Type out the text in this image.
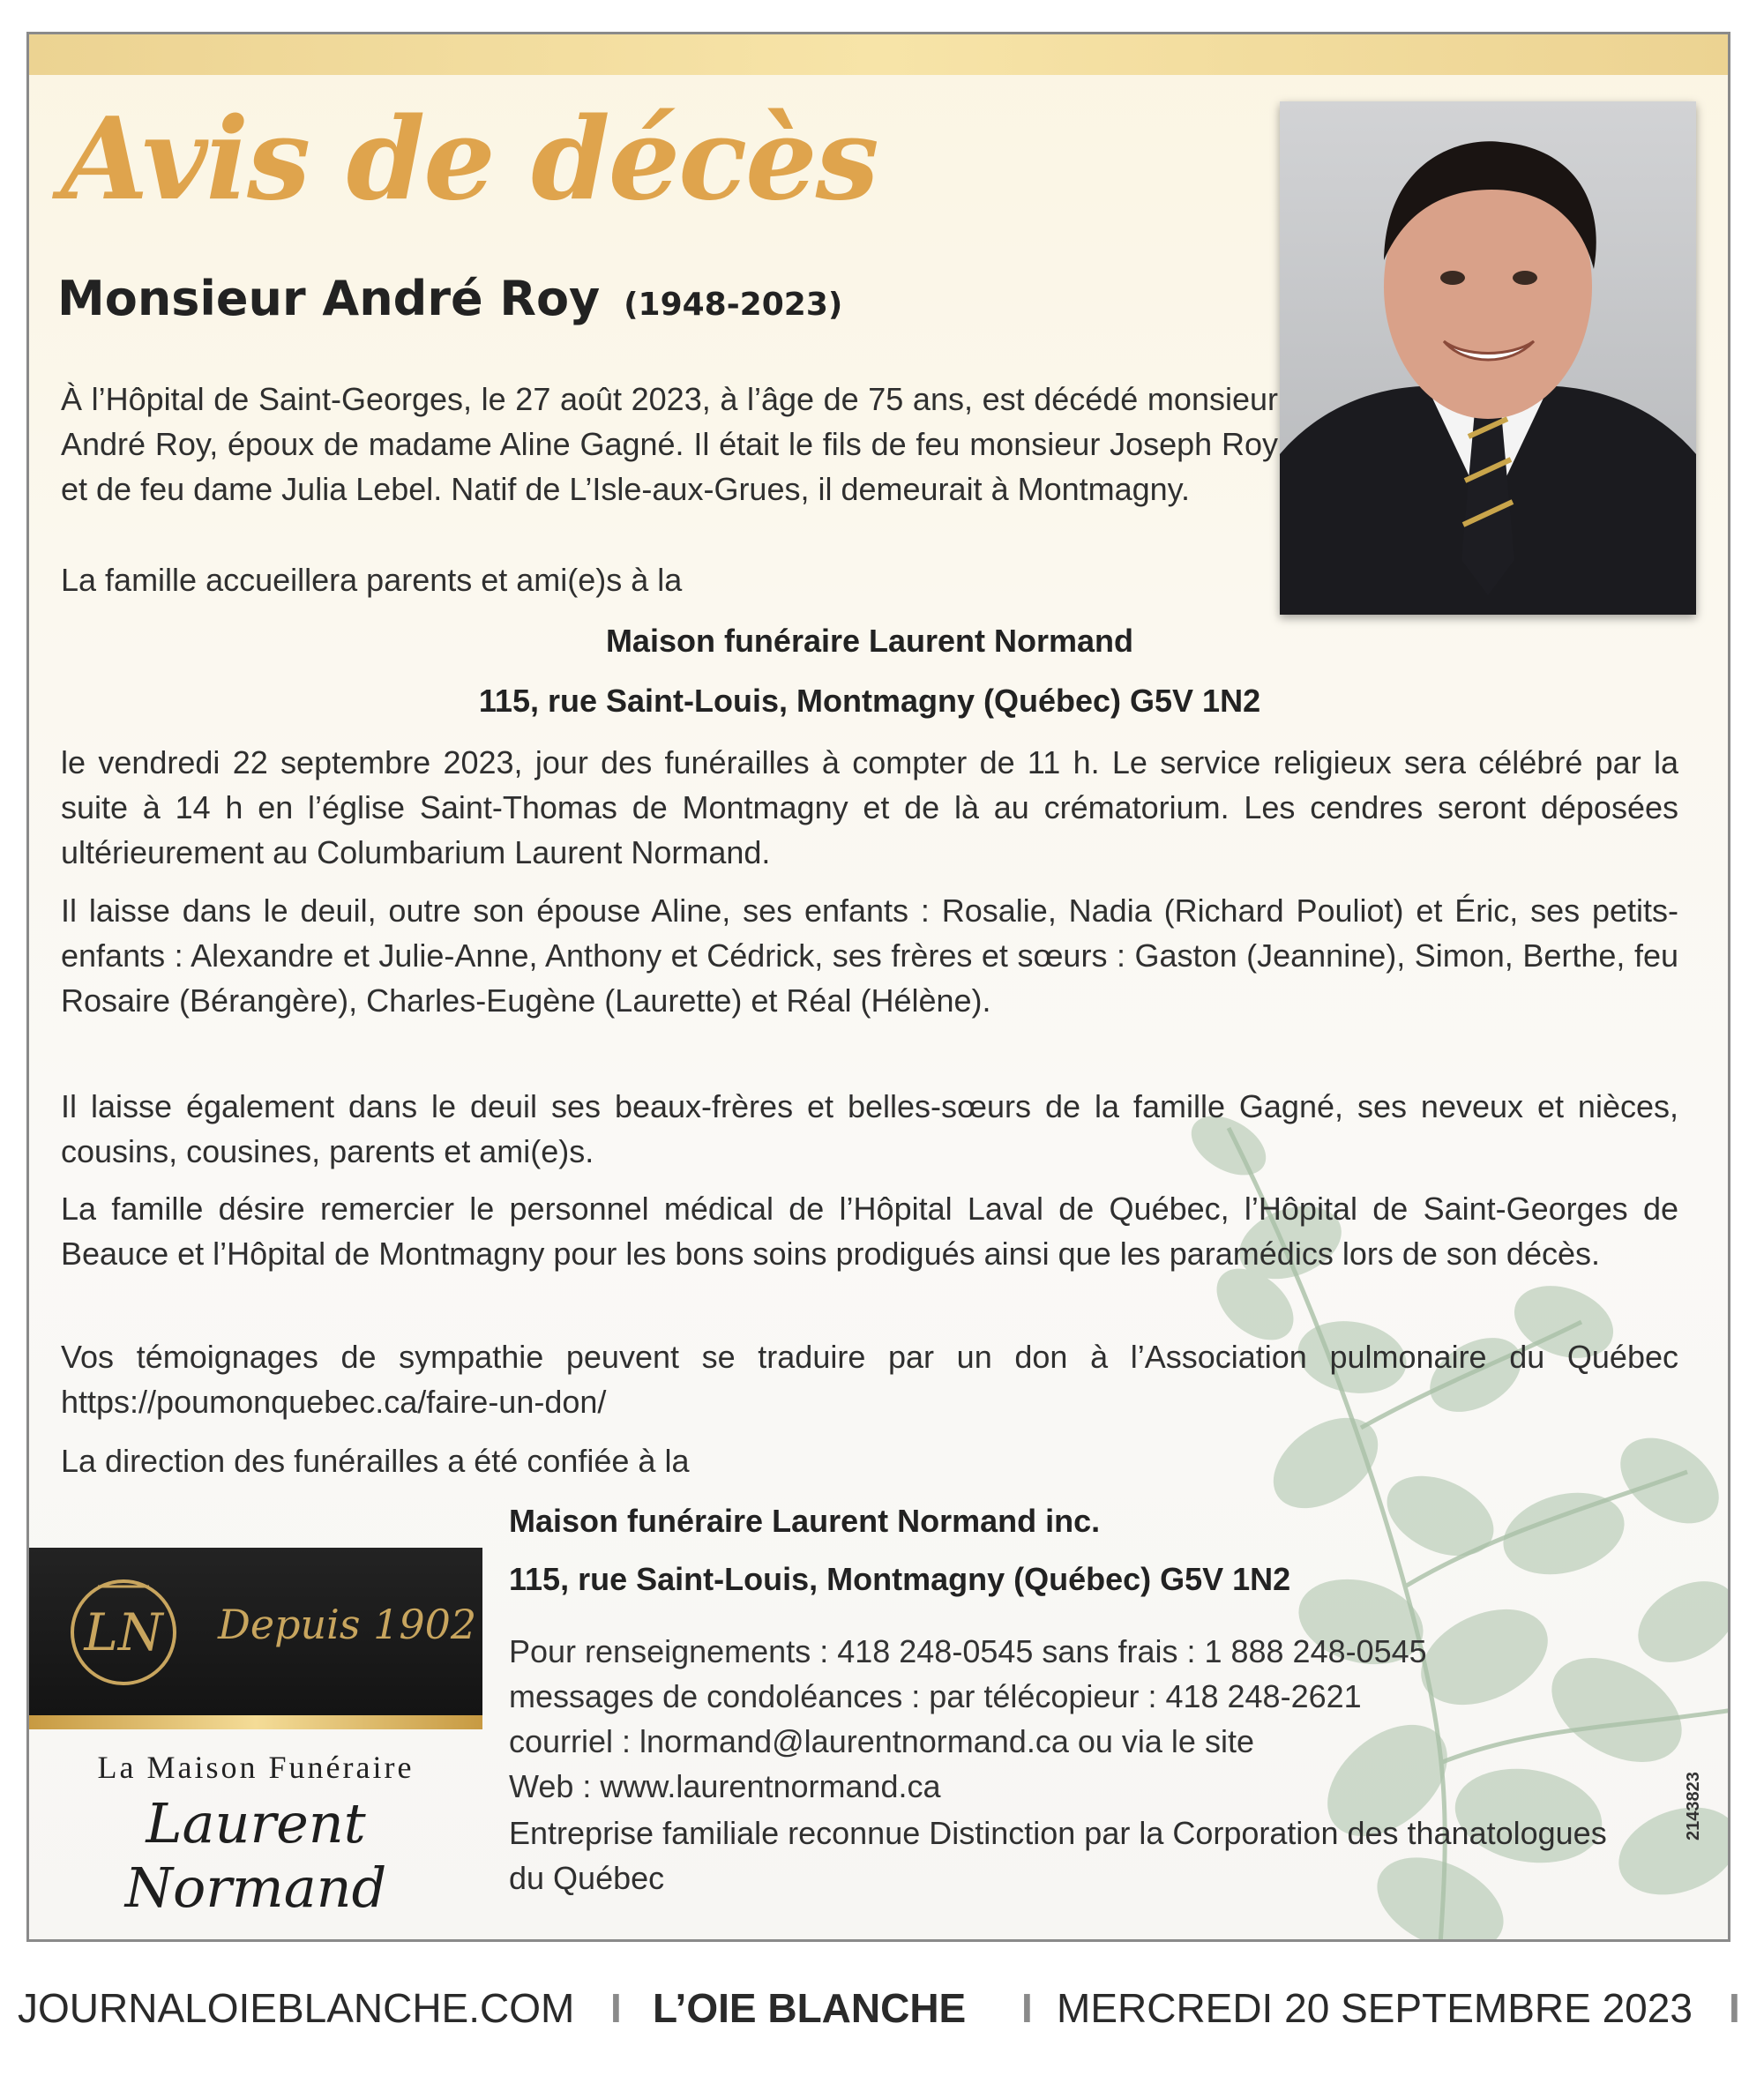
Avis de décès
Monsieur André Roy (1948-2023)

À l’Hôpital de Saint-Georges, le 27 août 2023, à l’âge de 75 ans, est décédé monsieur André Roy, époux de madame Aline Gagné. Il était le fils de feu monsieur Joseph Roy et de feu dame Julia Lebel. Natif de L’Isle-aux-Grues, il demeurait à Montmagny.

La famille accueillera parents et ami(e)s à la

Maison funéraire Laurent Normand

115, rue Saint-Louis, Montmagny (Québec) G5V 1N2

le vendredi 22 septembre 2023, jour des funérailles à compter de 11 h. Le service religieux sera célébré par la suite à 14 h en l’église Saint-Thomas de Montmagny et de là au crématorium. Les cendres seront déposées ultérieurement au Columbarium Laurent Normand.

Il laisse dans le deuil, outre son épouse Aline, ses enfants : Rosalie, Nadia (Richard Pouliot) et Éric, ses petits-enfants : Alexandre et Julie-Anne, Anthony et Cédrick, ses frères et sœurs : Gaston (Jeannine), Simon, Berthe, feu Rosaire (Bérangère), Charles-Eugène (Laurette) et Réal (Hélène).

Il laisse également dans le deuil ses beaux-frères et belles-sœurs de la famille Gagné, ses neveux et nièces, cousins, cousines, parents et ami(e)s.

La famille désire remercier le personnel médical de l’Hôpital Laval de Québec, l’Hôpital de Saint-Georges de Beauce et l’Hôpital de Montmagny pour les bons soins prodigués ainsi que les paramédics lors de son décès.

Vos témoignages de sympathie peuvent se traduire par un don à l’Association pulmonaire du Québec https://poumonquebec.ca/faire-un-don/

La direction des funérailles a été confiée à la

Maison funéraire Laurent Normand inc.

115, rue Saint-Louis, Montmagny (Québec) G5V 1N2

Pour renseignements : 418 248-0545 sans frais : 1 888 248-0545
messages de condoléances : par télécopieur : 418 248-2621
courriel : lnormand@laurentnormand.ca ou via le site
Web : www.laurentnormand.ca

Entreprise familiale reconnue Distinction par la Corporation des thanatologues du Québec

LN Depuis 1902

La Maison Funéraire

Laurent Normand

2143823

JOURNALOIEBLANCHE.COM I L’OIE BLANCHE I MERCREDI 20 SEPTEMBRE 2023 I
